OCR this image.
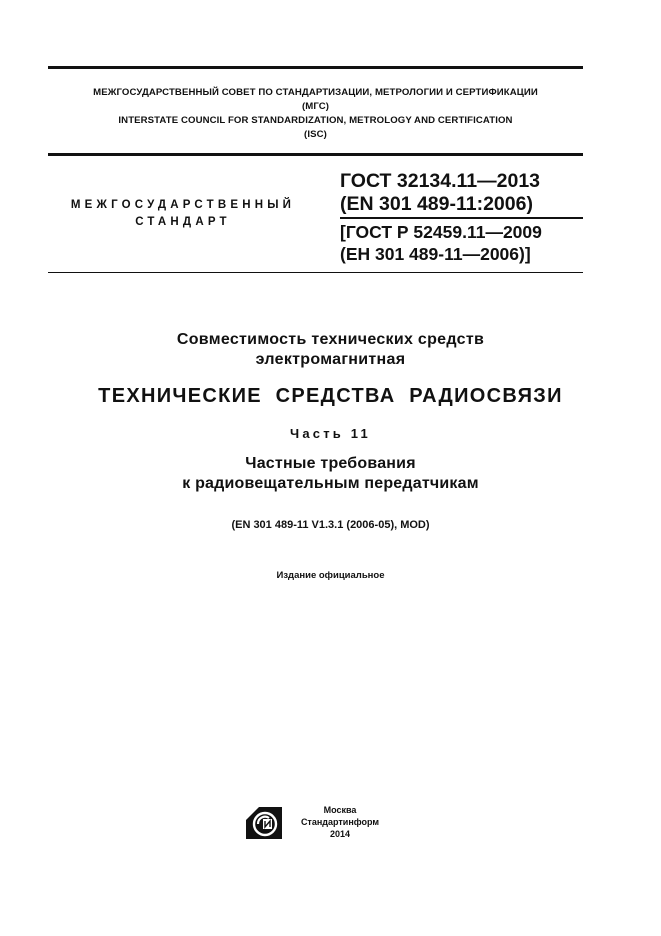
МЕЖГОСУДАРСТВЕННЫЙ СОВЕТ ПО СТАНДАРТИЗАЦИИ, МЕТРОЛОГИИ И СЕРТИФИКАЦИИ
(МГС)
INTERSTATE COUNCIL FOR STANDARDIZATION, METROLOGY AND CERTIFICATION
(ISC)
МЕЖГОСУДАРСТВЕННЫЙ
СТАНДАРТ
ГОСТ 32134.11—2013
(EN 301 489-11:2006)
[ГОСТ Р 52459.11—2009
(ЕН 301 489-11—2006)]
Совместимость технических средств
электромагнитная
ТЕХНИЧЕСКИЕ  СРЕДСТВА  РАДИОСВЯЗИ
Часть 11
Частные требования
к радиовещательным передатчикам
(EN 301 489-11 V1.3.1 (2006-05), MOD)
Издание официальное
Москва
Стандартинформ
2014
